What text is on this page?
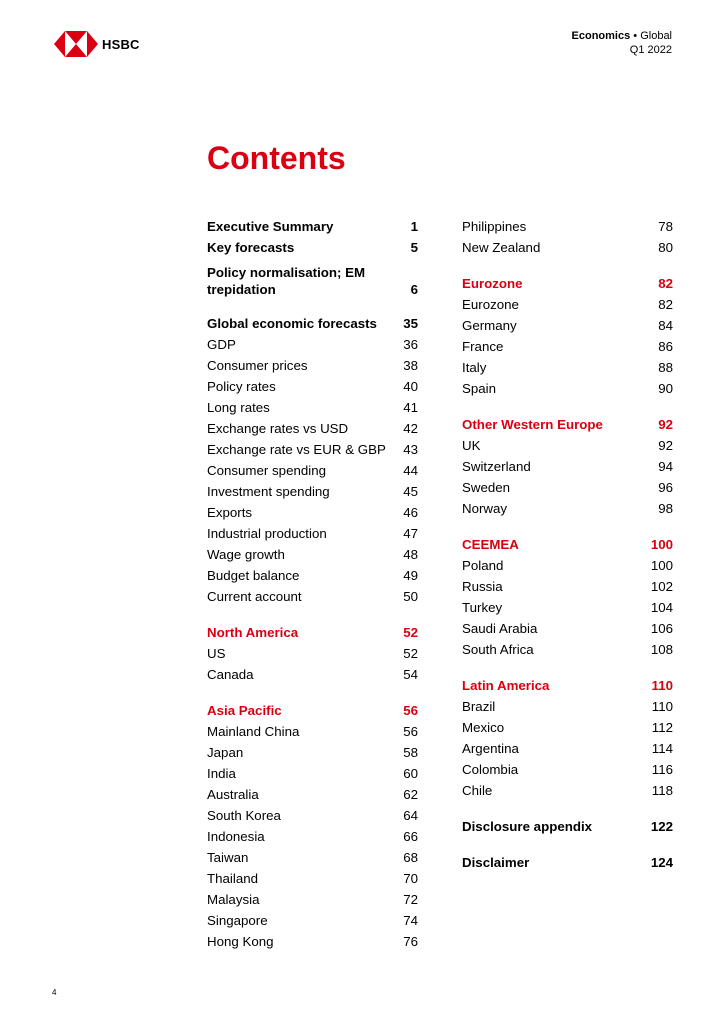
HSBC
Economics • Global
Q1 2022
Contents
Executive Summary	1
Key forecasts	5
Policy normalisation; EM trepidation	6
Global economic forecasts 35
GDP	36
Consumer prices	38
Policy rates	40
Long rates	41
Exchange rates vs USD	42
Exchange rate vs EUR & GBP 43
Consumer spending	44
Investment spending	45
Exports	46
Industrial production	47
Wage growth	48
Budget balance	49
Current account	50
North America	52
US	52
Canada	54
Asia Pacific	56
Mainland China	56
Japan	58
India	60
Australia	62
South Korea	64
Indonesia	66
Taiwan	68
Thailand	70
Malaysia	72
Singapore	74
Hong Kong	76
Philippines	78
New Zealand	80
Eurozone	82
Eurozone	82
Germany	84
France	86
Italy	88
Spain	90
Other Western Europe	92
UK	92
Switzerland	94
Sweden	96
Norway	98
CEEMEA	100
Poland	100
Russia	102
Turkey	104
Saudi Arabia	106
South Africa	108
Latin America	110
Brazil	110
Mexico	112
Argentina	114
Colombia	116
Chile	118
Disclosure appendix	122
Disclaimer	124
4
